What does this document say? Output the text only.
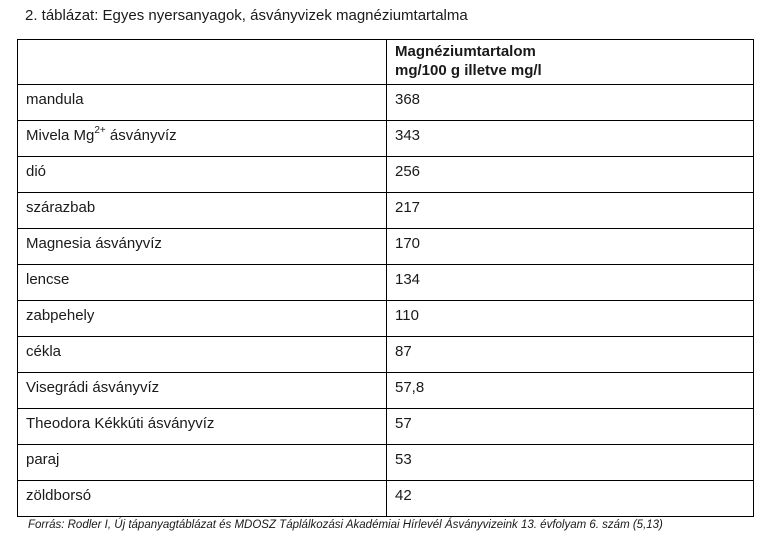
2. táblázat: Egyes nyersanyagok, ásványvizek magnéziumtartalma

	Magnéziumtartalom
mg/100 g illetve mg/l

mandula	368
Mivela $Mg^{2+}$ ásványvíz	343
dió	256
szárazbab	217
Magnesia ásványvíz	170
lencse	134
zabpehely	110
cékla	87
Visegrádi ásványvíz	57,8
Theodora Kékkúti ásványvíz	57
paraj	53
zöldborsó	42
Forrás: Rodler I, Új tápanyagtáblázat és MDOSZ Táplálkozási Akadémiai Hírlevél Ásványvizeink 13. évfolyam 6. szám (5,13)
